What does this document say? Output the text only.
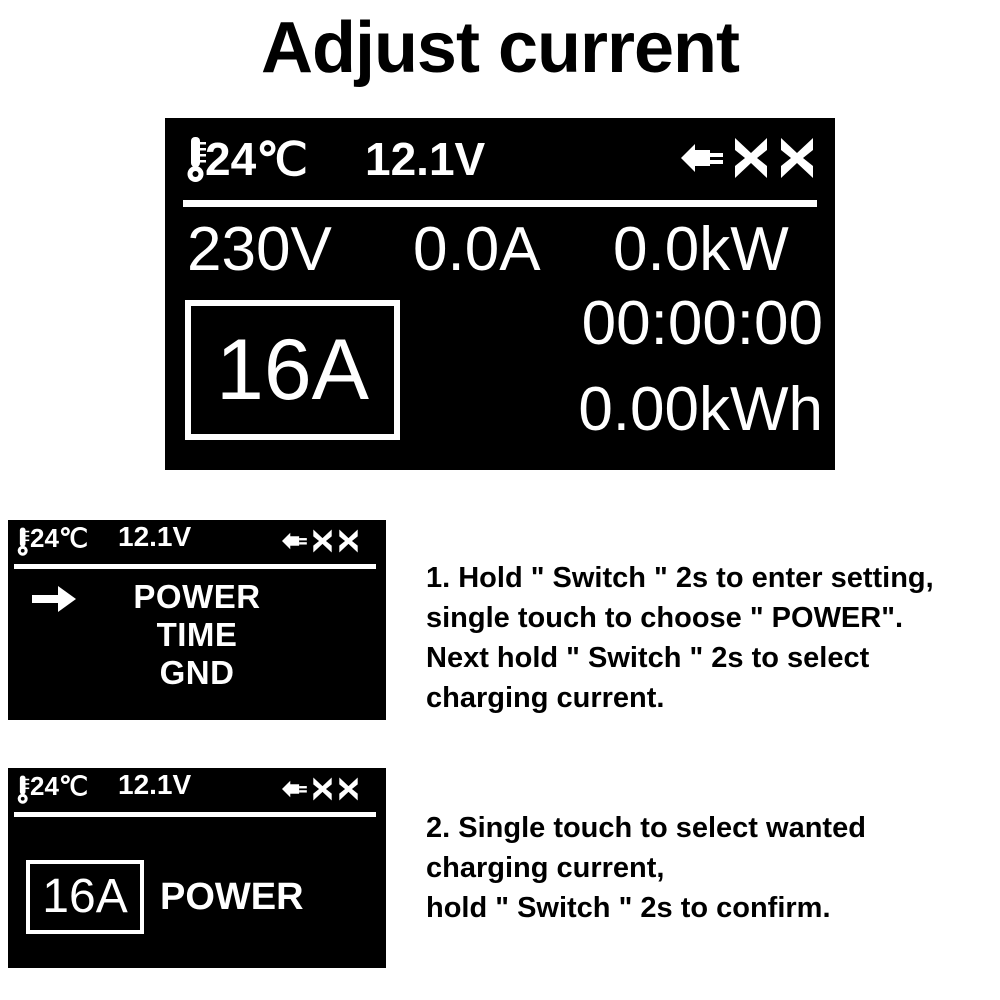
Adjust current
24℃ 12.1V
230V 0.0A 0.0kW
16A	00:00:00
0.00kWh
24℃ 12.1V
POWER
TIME
GND
24℃ 12.1V
16A POWER

1. Hold " Switch " 2s to enter setting,

single touch to choose " POWER".

Next hold " Switch " 2s to select

charging current.

2. Single touch to select wanted

charging current,

hold " Switch " 2s to confirm.
